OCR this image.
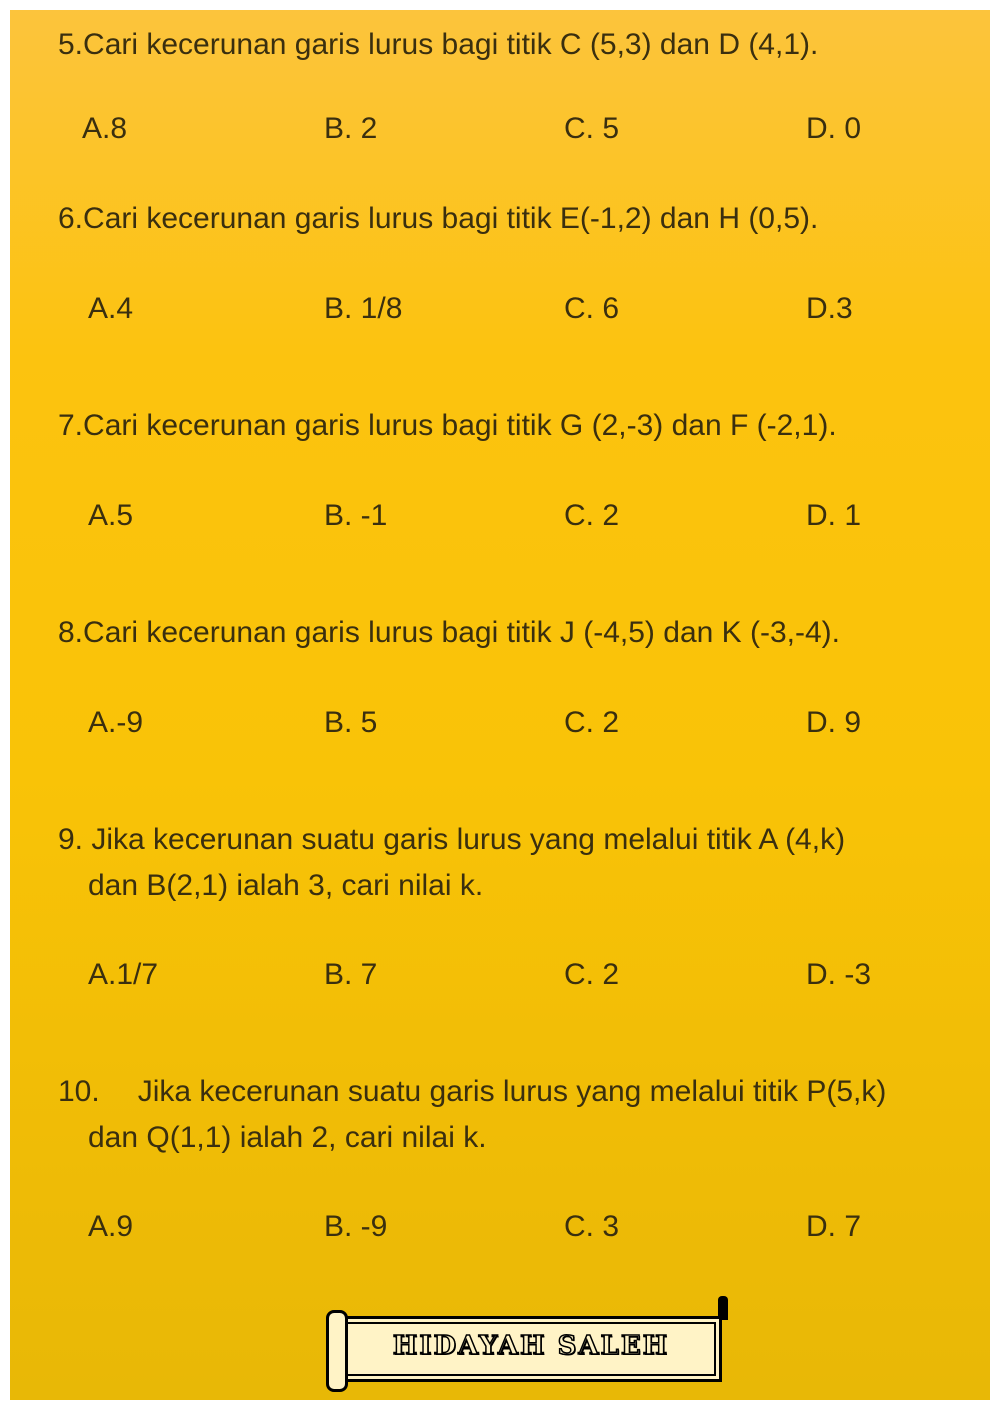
5.Cari kecerunan garis lurus bagi titik C (5,3) dan D (4,1).
A.8	B. 2	C. 5	D. 0
6.Cari kecerunan garis lurus bagi titik E(-1,2) dan H (0,5).
A.4	B. 1/8	C. 6	D.3
7.Cari kecerunan garis lurus bagi titik G (2,-3) dan F (-2,1).
A.5	B. -1	C. 2	D. 1
8.Cari kecerunan garis lurus bagi titik J (-4,5) dan K (-3,-4).
A.-9	B. 5	C. 2	D. 9
9. Jika kecerunan suatu garis lurus yang melalui titik A (4,k)
dan B(2,1) ialah 3, cari nilai k.
A.1/7	B. 7	C. 2	D. -3
10. Jika kecerunan suatu garis lurus yang melalui titik P(5,k)
dan Q(1,1) ialah 2, cari nilai k.
A.9	B. -9	C. 3	D. 7
HIDAYAH SALEH
